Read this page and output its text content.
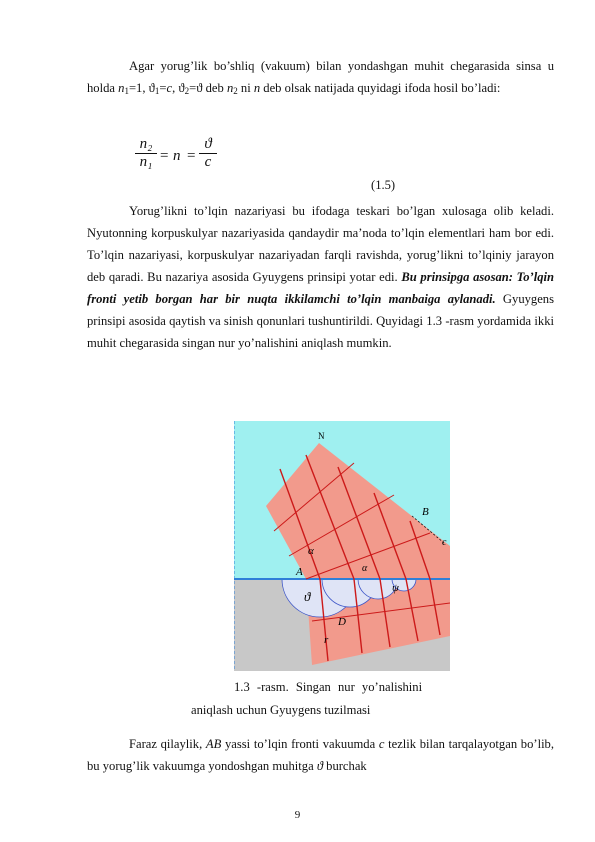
Agar yorug’lik bo’shliq (vakuum) bilan yondashgan muhit chegarasida sinsa u holda $n_1=1$, $ϑ_1=c$, $ϑ_2=ϑ$ deb $n_2$ ni n deb olsak natijada quyidagi ifoda hosil bo’ladi:

$\frac{\text{n₂}}{\text{n₁}} = n = \frac{ϑ}{c}$
(1.5)

Yorug’likni to’lqin nazariyasi bu ifodaga teskari bo’lgan xulosaga olib keladi. Nyutonning korpuskulyar nazariyasida qandaydir ma’noda to’lqin elementlari ham bor edi. To’lqin nazariyasi, korpuskulyar nazariyadan farqli ravishda, yorug’likni to’lqiniy jarayon deb qaradi. Bu nazariya asosida Gyuygens prinsipi yotar edi. Bu prinsipga asosan: To’lqin fronti yetib borgan har bir nuqta ikkilamchi to’lqin manbaiga aylanadi. Gyuygens prinsipi asosida qaytish va sinish qonunlari tushuntirildi. Quyidagi 1.3 -rasm yordamida ikki muhit chegarasida singan nur yo’nalishini aniqlash mumkin.

N
B
c
α
A	α
ψ
ϑ
D
r
1.3 -rasm. Singan nur yo’nalishini
aniqlash uchun Gyuygens tuzilmasi

Faraz qilaylik, AB yassi to’lqin fronti vakuumda c tezlik bilan tarqalayotgan bo’lib, bu yorug’lik vakuumga yondoshgan muhitga ϑ burchak

9
